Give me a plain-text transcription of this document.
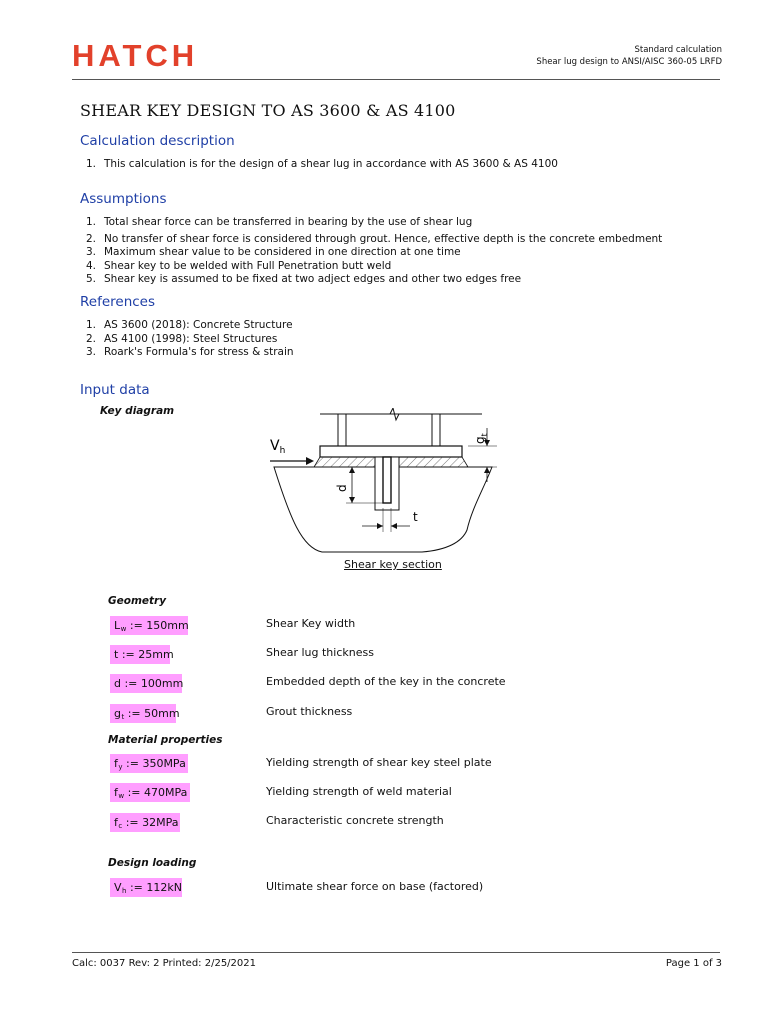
HATCH	Standard calculation
Shear lug design to ANSI/AISC 360-05 LRFD
SHEAR KEY DESIGN TO AS 3600 & AS 4100
Calculation description
1. This calculation is for the design of a shear lug in accordance with AS 3600 & AS 4100
Assumptions
1. Total shear force can be transferred in bearing by the use of shear lug
2. No transfer of shear force is considered through grout. Hence, effective depth is the concrete embedment
3. Maximum shear value to be considered in one direction at one time
4. Shear key to be welded with Full Penetration butt weld
5. Shear key is assumed to be fixed at two adject edges and other two edges free
References
1. AS 3600 (2018): Concrete Structure
2. AS 4100 (1998): Steel Structures
3. Roark's Formula's for stress & strain
Input data
Key diagram
$V_h$
$g_t$
d
t
Shear key section
Geometry
$L_w$ := 150mm	Shear Key width
t := 25mm	Shear lug thickness
d := 100mm	Embedded depth of the key in the concrete
$g_t$ := 50mm	Grout thickness
Material properties
$f_y$ := 350MPa	Yielding strength of shear key steel plate
$f_w$ := 470MPa	Yielding strength of weld material
$f_c$ := 32MPa	Characteristic concrete strength
Design loading
$V_h$ := 112kN	Ultimate shear force on base (factored)
Calc: 0037 Rev: 2 Printed: 2/25/2021	Page 1 of 3
